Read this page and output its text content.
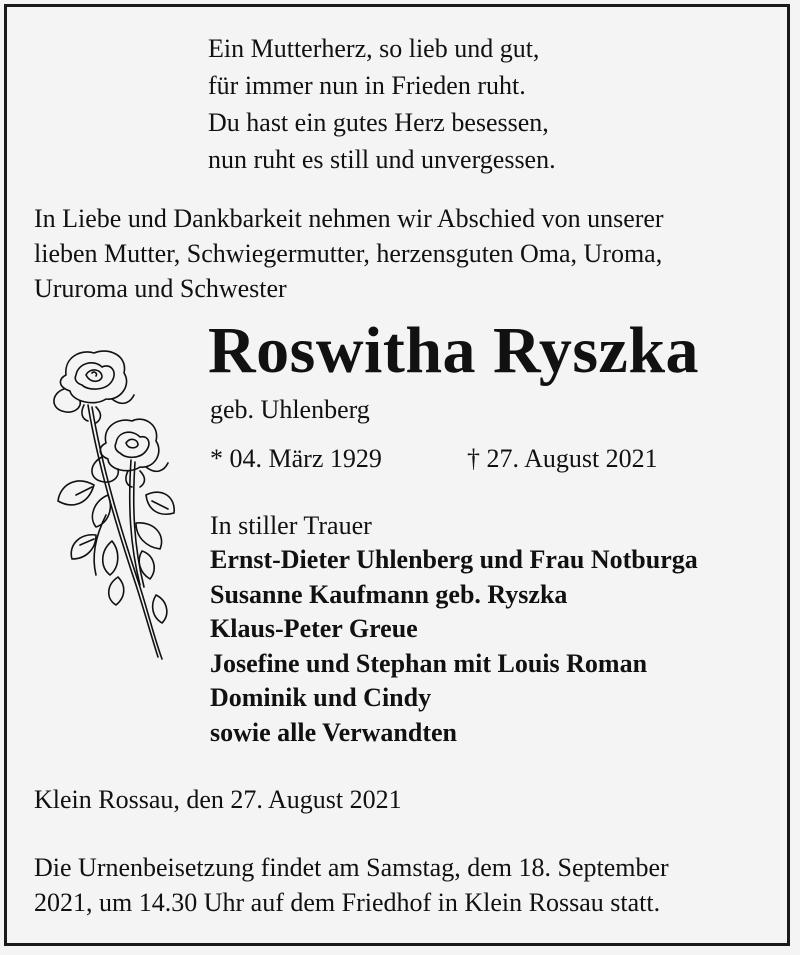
Ein Mutterherz, so lieb und gut,
für immer nun in Frieden ruht.
Du hast ein gutes Herz besessen,
nun ruht es still und unvergessen.
In Liebe und Dankbarkeit nehmen wir Abschied von unserer
lieben Mutter, Schwiegermutter, herzensguten Oma, Uroma,
Ururoma und Schwester
Roswitha Ryszka
geb. Uhlenberg
* 04. März 1929	† 27. August 2021
In stiller Trauer
Ernst-Dieter Uhlenberg und Frau Notburga
Susanne Kaufmann geb. Ryszka
Klaus-Peter Greue
Josefine und Stephan mit Louis Roman
Dominik und Cindy
sowie alle Verwandten
Klein Rossau, den 27. August 2021
Die Urnenbeisetzung findet am Samstag, dem 18. September
2021, um 14.30 Uhr auf dem Friedhof in Klein Rossau statt.
